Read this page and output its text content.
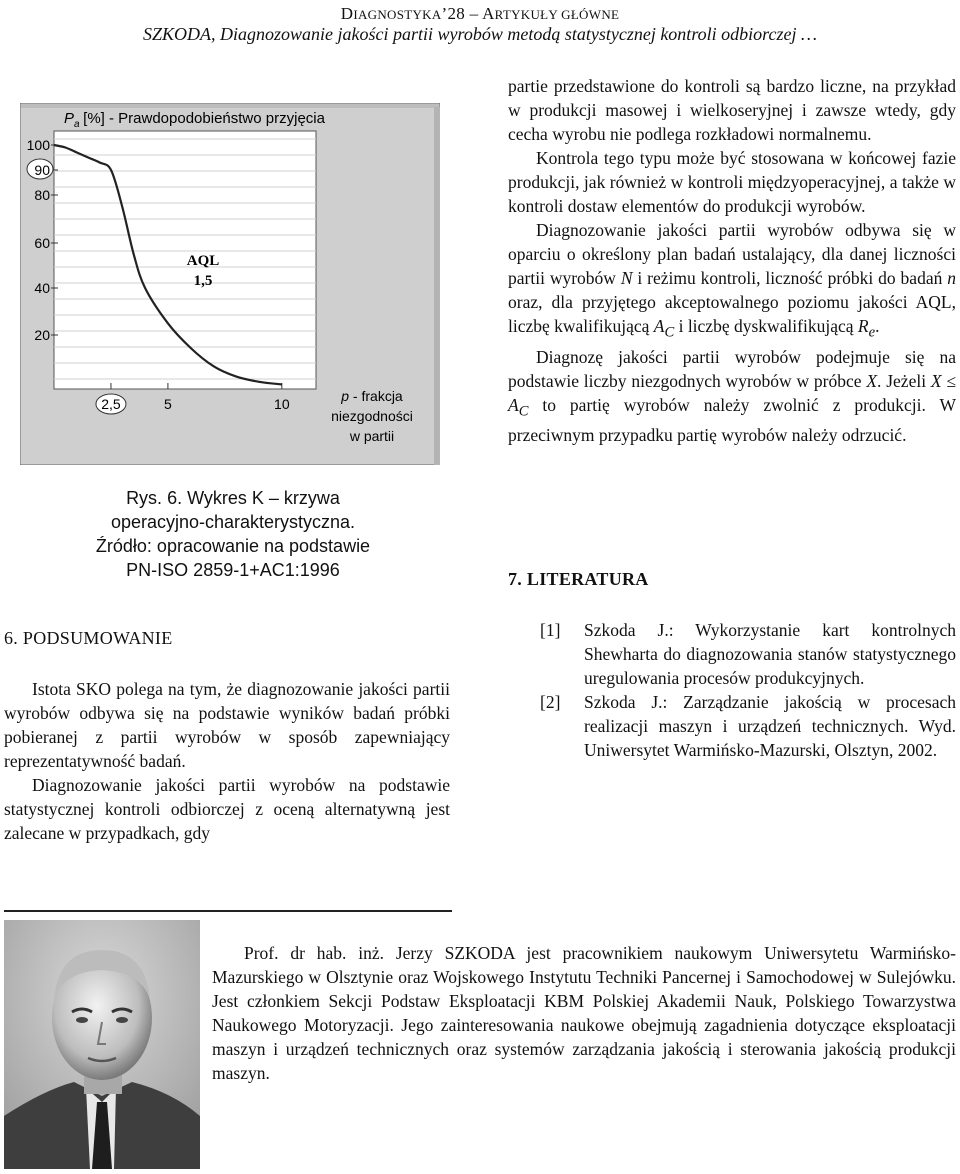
DIAGNOSTYKA’28 – ARTYKUŁY GŁÓWNE
SZKODA, Diagnozowanie jakości partii wyrobów metodą statystycznej kontroli odbiorczej …
100
90
80
60
40
20
2,5	5	10
P a [%] - Prawdopodobieństwo przyjęcia
AQL
1,5
p - frakcja
niezgodności
w partii
Rys. 6. Wykres K – krzywa
operacyjno-charakterystyczna.
Źródło: opracowanie na podstawie
PN-ISO 2859-1+AC1:1996
6. PODSUMOWANIE

Istota SKO polega na tym, że diagnozowanie jakości partii wyrobów odbywa się na podstawie wyników badań próbki pobieranej z partii wyrobów w sposób zapewniający reprezentatywność badań.

Diagnozowanie jakości partii wyrobów na podstawie statystycznej kontroli odbiorczej z oceną alternatywną jest zalecane w przypadkach, gdy

partie przedstawione do kontroli są bardzo liczne, na przykład w produkcji masowej i wielkoseryjnej i zawsze wtedy, gdy cecha wyrobu nie podlega rozkładowi normalnemu.

Kontrola tego typu może być stosowana w końcowej fazie produkcji, jak również w kontroli międzyoperacyjnej, a także w kontroli dostaw elementów do produkcji wyrobów.

Diagnozowanie jakości partii wyrobów odbywa się w oparciu o określony plan badań ustalający, dla danej liczności partii wyrobów N i reżimu kontroli, liczność próbki do badań n oraz, dla przyjętego akceptowalnego poziomu jakości AQL, liczbę kwalifikującą $A_C$ i liczbę dyskwalifikującą $R_e$.

Diagnozę jakości partii wyrobów podejmuje się na podstawie liczby niezgodnych wyrobów w próbce X. Jeżeli $X \le A_C$ to partię wyrobów należy zwolnić z produkcji. W przeciwnym przypadku partię wyrobów należy odrzucić.

7. LITERATURA
[1] Szkoda J.: Wykorzystanie kart kontrolnych Shewharta do diagnozowania stanów statystycznego uregulowania procesów produkcyjnych.
[2] Szkoda J.: Zarządzanie jakością w procesach realizacji maszyn i urządzeń technicznych. Wyd. Uniwersytet Warmińsko-Mazurski, Olsztyn, 2002.

Prof. dr hab. inż. Jerzy SZKODA jest pracownikiem naukowym Uniwersytetu Warmińsko-Mazurskiego w Olsztynie oraz Wojskowego Instytutu Techniki Pancernej i Samochodowej w Sulejówku. Jest członkiem Sekcji Podstaw Eksploatacji KBM Polskiej Akademii Nauk, Polskiego Towarzystwa Naukowego Motoryzacji. Jego zainteresowania naukowe obejmują zagadnienia dotyczące eksploatacji maszyn i urządzeń technicznych oraz systemów zarządzania jakością i sterowania jakością produkcji maszyn.
